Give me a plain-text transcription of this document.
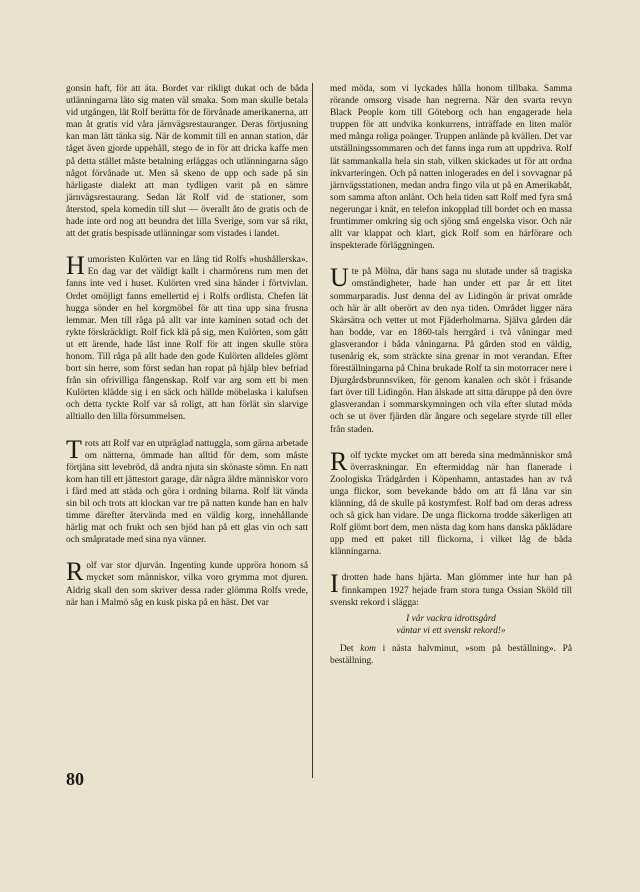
gonsin haft, för att äta. Bordet var rikligt dukat och de båda utlänningarna läto sig maten väl smaka. Som man skulle betala vid utgången, lät Rolf berätta för de förvånade amerikanerna, att man åt gratis vid våra järnvägsrestauranger. Deras förtjusning kan man lätt tänka sig. När de kommit till en annan station, där tåget även gjorde uppehåll, stego de in för att dricka kaffe men på detta stället måste betalning erläggas och utlänningarna sågo något förvånade ut. Men så skeno de upp och sade på sin härligaste dialekt att man tydligen varit på en sämre järnvägsrestaurang. Sedan lät Rolf vid de stationer, som återstod, spela komedin till slut — överallt åto de gratis och de hade inte ord nog att beundra det lilla Sverige, som var så rikt, att det gratis bespisade utlänningar som vistades i landet.

Humoristen Kulörten var en lång tid Rolfs »hushållerska». En dag var det väldigt kallt i charmörens rum men det fanns inte ved i huset. Kulörten vred sina händer i förtvivlan. Ordet omöjligt fanns emellertid ej i Rolfs ordlista. Chefen lät hugga sönder en hel korgmöbel för att tina upp sina frusna lemmar. Men till råga på allt var inte kaminen sotad och det rykte förskräckligt. Rolf fick klä på sig, men Kulörten, som gått ut ett ärende, hade låst inne Rolf för att ingen skulle störa honom. Till råga på allt hade den gode Kulörten alldeles glömt bort sin herre, som först sedan han ropat på hjälp blev befriad från sin ofrivilliga fångenskap. Rolf var arg som ett bi men Kulörten klädde sig i en säck och hällde möbelaska i kalufsen och detta tyckte Rolf var så roligt, att han förlät sin slarvige alltiallo den lilla försummelsen.

Trots att Rolf var en utpräglad nattuggla, som gärna arbetade om nätterna, ömmade han alltid för dem, som måste förtjäna sitt levebröd, då andra njuta sin skönaste sömn. En natt kom han till ett jättestort garage, där några äldre människor voro i färd med att städa och göra i ordning bilarna. Rolf lät vända sin bil och trots att klockan var tre på natten kunde han en halv timme därefter återvända med en väldig korg, innehållande härlig mat och frukt och sen bjöd han på ett glas vin och satt och småpratade med sina nya vänner.

Rolf var stor djurvän. Ingenting kunde uppröra honom så mycket som människor, vilka voro grymma mot djuren. Aldrig skall den som skriver dessa rader glömma Rolfs vrede, när han i Malmö såg en kusk piska på en häst. Det var

med möda, som vi lyckades hålla honom tillbaka. Samma rörande omsorg visade han negrerna. När den svarta revyn Black People kom till Göteborg och han engagerade hela truppen för att undvika konkurrens, inträffade en liten malör med många roliga poänger. Truppen anlände på kvällen. Det var utställningssommaren och det fanns inga rum att uppdriva. Rolf lät sammankalla hela sin stab, vilken skickades ut för att ordna inkvarteringen. Och på natten inlogerades en del i sovvagnar på järnvägsstationen, medan andra fingo vila ut på en Amerikabåt, som samma afton anlänt. Och hela tiden satt Rolf med fyra små negerungar i knät, en telefon inkopplad till bordet och en massa fruntimmer omkring sig och sjöng små engelska visor. Och när allt var klappat och klart, gick Rolf som en härförare och inspekterade förläggningen.

Ute på Mölna, där hans saga nu slutade under så tragiska omständigheter, hade han under ett par år ett litet sommarparadis. Just denna del av Lidingön är privat område och här är allt oberört av den nya tiden. Området ligger nära Skärsätra och vetter ut mot Fjäderholmarna. Själva gården där han bodde, var en 1860-tals herrgård i två våningar med glasverandor i båda våningarna. På gården stod en väldig, tusenårig ek, som sträckte sina grenar in mot verandan. Efter föreställningarna på China brukade Rolf ta sin motorracer nere i Djurgårdsbrunnsviken, för genom kanalen och sköt i fräsande fart över till Lidingön. Han älskade att sitta däruppe på den övre glasverandan i sommarskymningen och vila efter slutad möda och se ut över fjärden där ångare och segelare styrde till eller från staden.

Rolf tyckte mycket om att bereda sina medmänniskor små överraskningar. En eftermiddag när han flanerade i Zoologiska Trädgården i Köpenhamn, antastades han av två unga flickor, som bevekande bådo om att få låna var sin klänning, då de skulle på kostymfest. Rolf bad om deras adress och så gick han vidare. De unga flickorna trodde säkerligen att Rolf glömt bort dem, men nästa dag kom hans danska påklädare upp med ett paket till flickorna, i vilket låg de båda klänningarna.

Idrotten hade hans hjärta. Man glömmer inte hur han på finnkampen 1927 hejade fram stora tunga Ossian Sköld till svenskt rekord i slägga:

I vår vackra idrottsgård
väntar vi ett svenskt rekord!»

Det kom i nästa halvminut, »som på beställning». På beställning.

80
